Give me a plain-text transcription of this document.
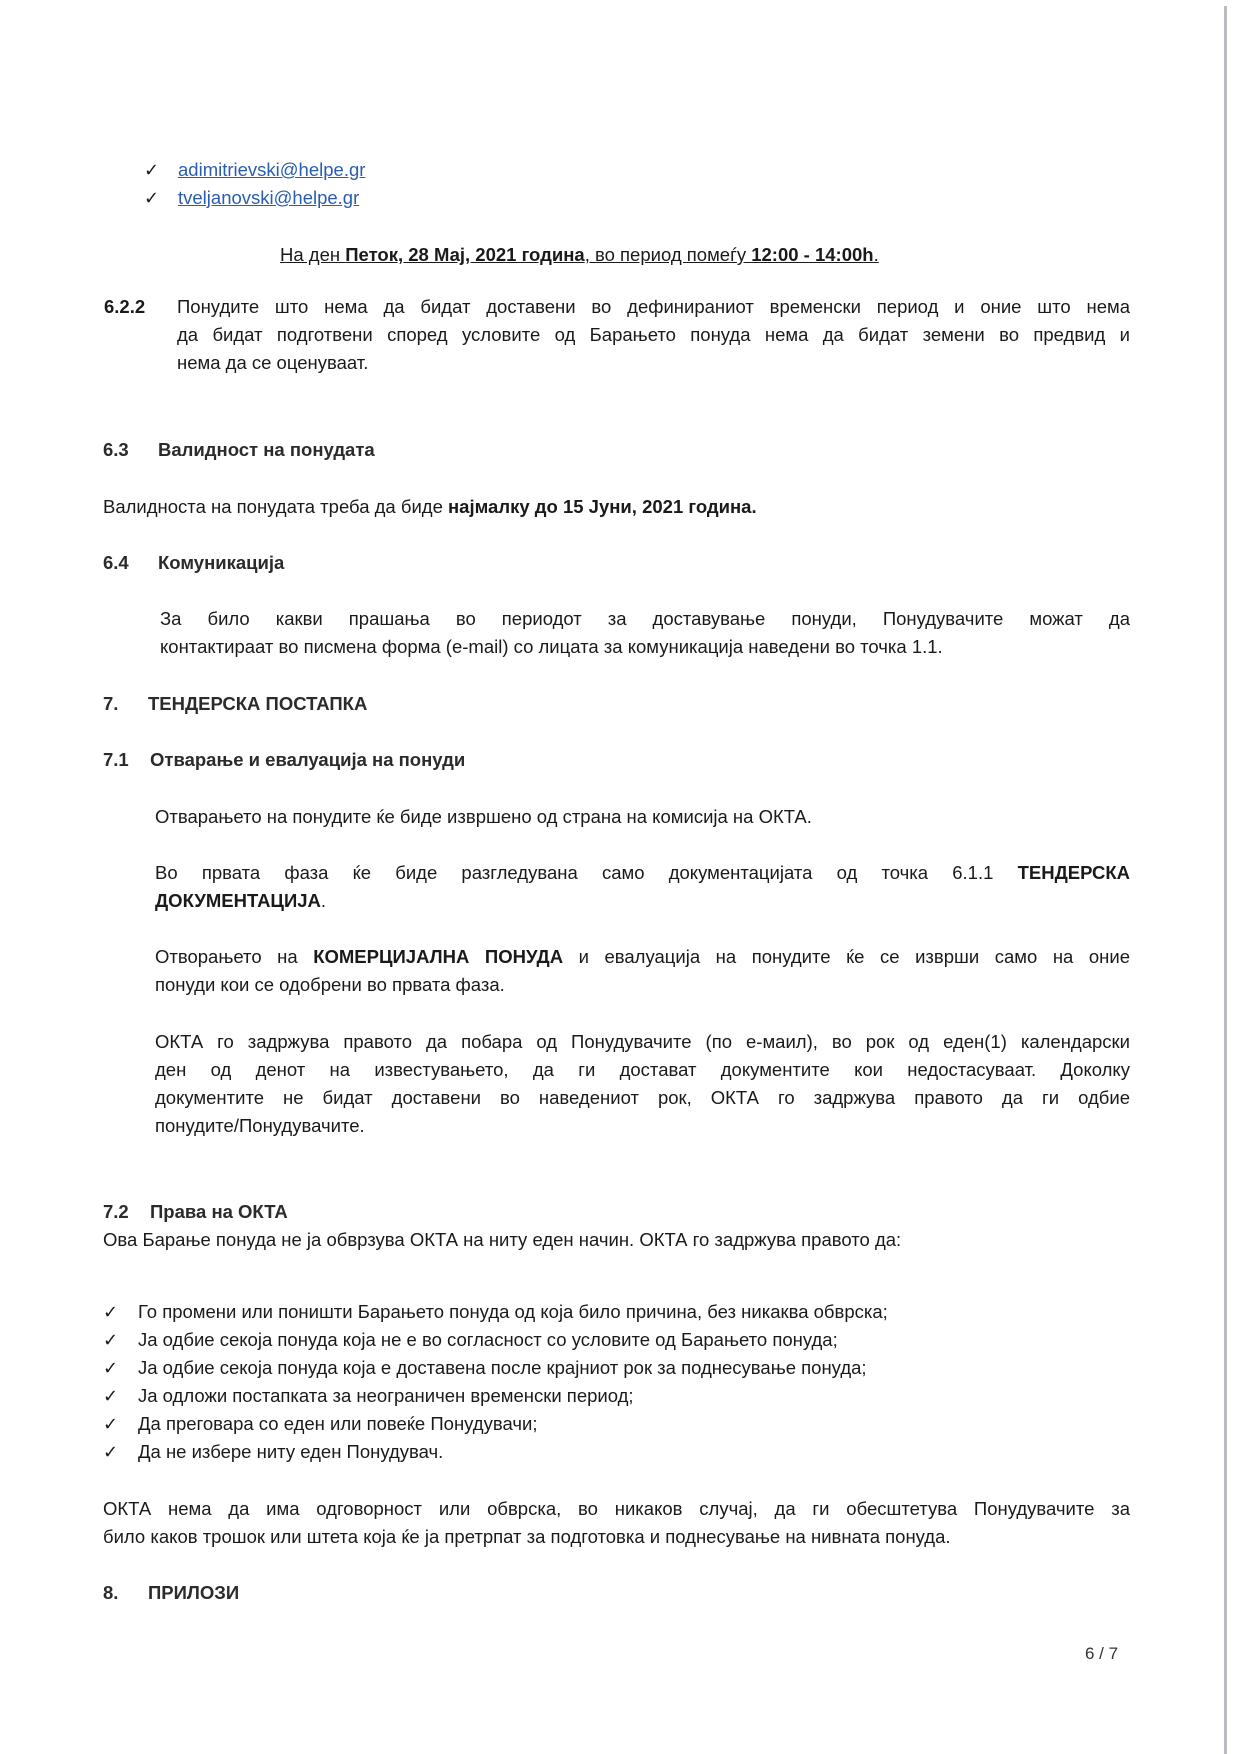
✓ adimitrievski@helpe.gr
✓ tveljanovski@helpe.gr
На ден Петок, 28 Мај, 2021 година, во период помеѓу 12:00 - 14:00h.
6.2.2 Понудите што нема да бидат доставени во дефинираниот временски период и оние што нема
да бидат подготвени според условите од Барањето понуда нема да бидат земени во предвид и
нема да се оценуваат.
6.3 Валидност на понудата
Валидноста на понудата треба да биде најмалку до 15 Јуни, 2021 година.
6.4 Комуникација
За било какви прашања во периодот за доставување понуди, Понудувачите можат да
контактираат во писмена форма (e-mail) со лицата за комуникација наведени во точка 1.1.
7. ТЕНДЕРСКА ПОСТАПКА
7.1 Отварање и евалуација на понуди
Отварањето на понудите ќе биде извршено од страна на комисија на ОКТА.
Во првата фаза ќе биде разгледувана само документацијата од точка 6.1.1 ТЕНДЕРСКА
ДОКУМЕНТАЦИЈА.
Отворањето на КОМЕРЦИЈАЛНА ПОНУДА и евалуација на понудите ќе се изврши само на оние
понуди кои се одобрени во првата фаза.
ОКТА го задржува правото да побара од Понудувачите (по е-маил), во рок од еден(1) календарски
ден од денот на известувањето, да ги достават документите кои недостасуваат. Доколку
документите не бидат доставени во наведениот рок, ОКТА го задржува правото да ги одбие
понудите/Понудувачите.
7.2 Права на ОКТА
Ова Барање понуда не ја обврзува ОКТА на ниту еден начин. ОКТА го задржува правото да:
✓ Го промени или поништи Барањето понуда од која било причина, без никаква обврска;
✓ Ја одбие секоја понуда која не е во согласност со условите од Барањето понуда;
✓ Ја одбие секоја понуда која е доставена после крајниот рок за поднесување понуда;
✓ Ја одложи постапката за неограничен временски период;
✓ Да преговара со еден или повеќе Понудувачи;
✓ Да не избере ниту еден Понудувач.
ОКТА нема да има одговорност или обврска, во никаков случај, да ги обесштетува Понудувачите за
било каков трошок или штета која ќе ја претрпат за подготовка и поднесување на нивната понуда.
8. ПРИЛОЗИ
6 / 7
